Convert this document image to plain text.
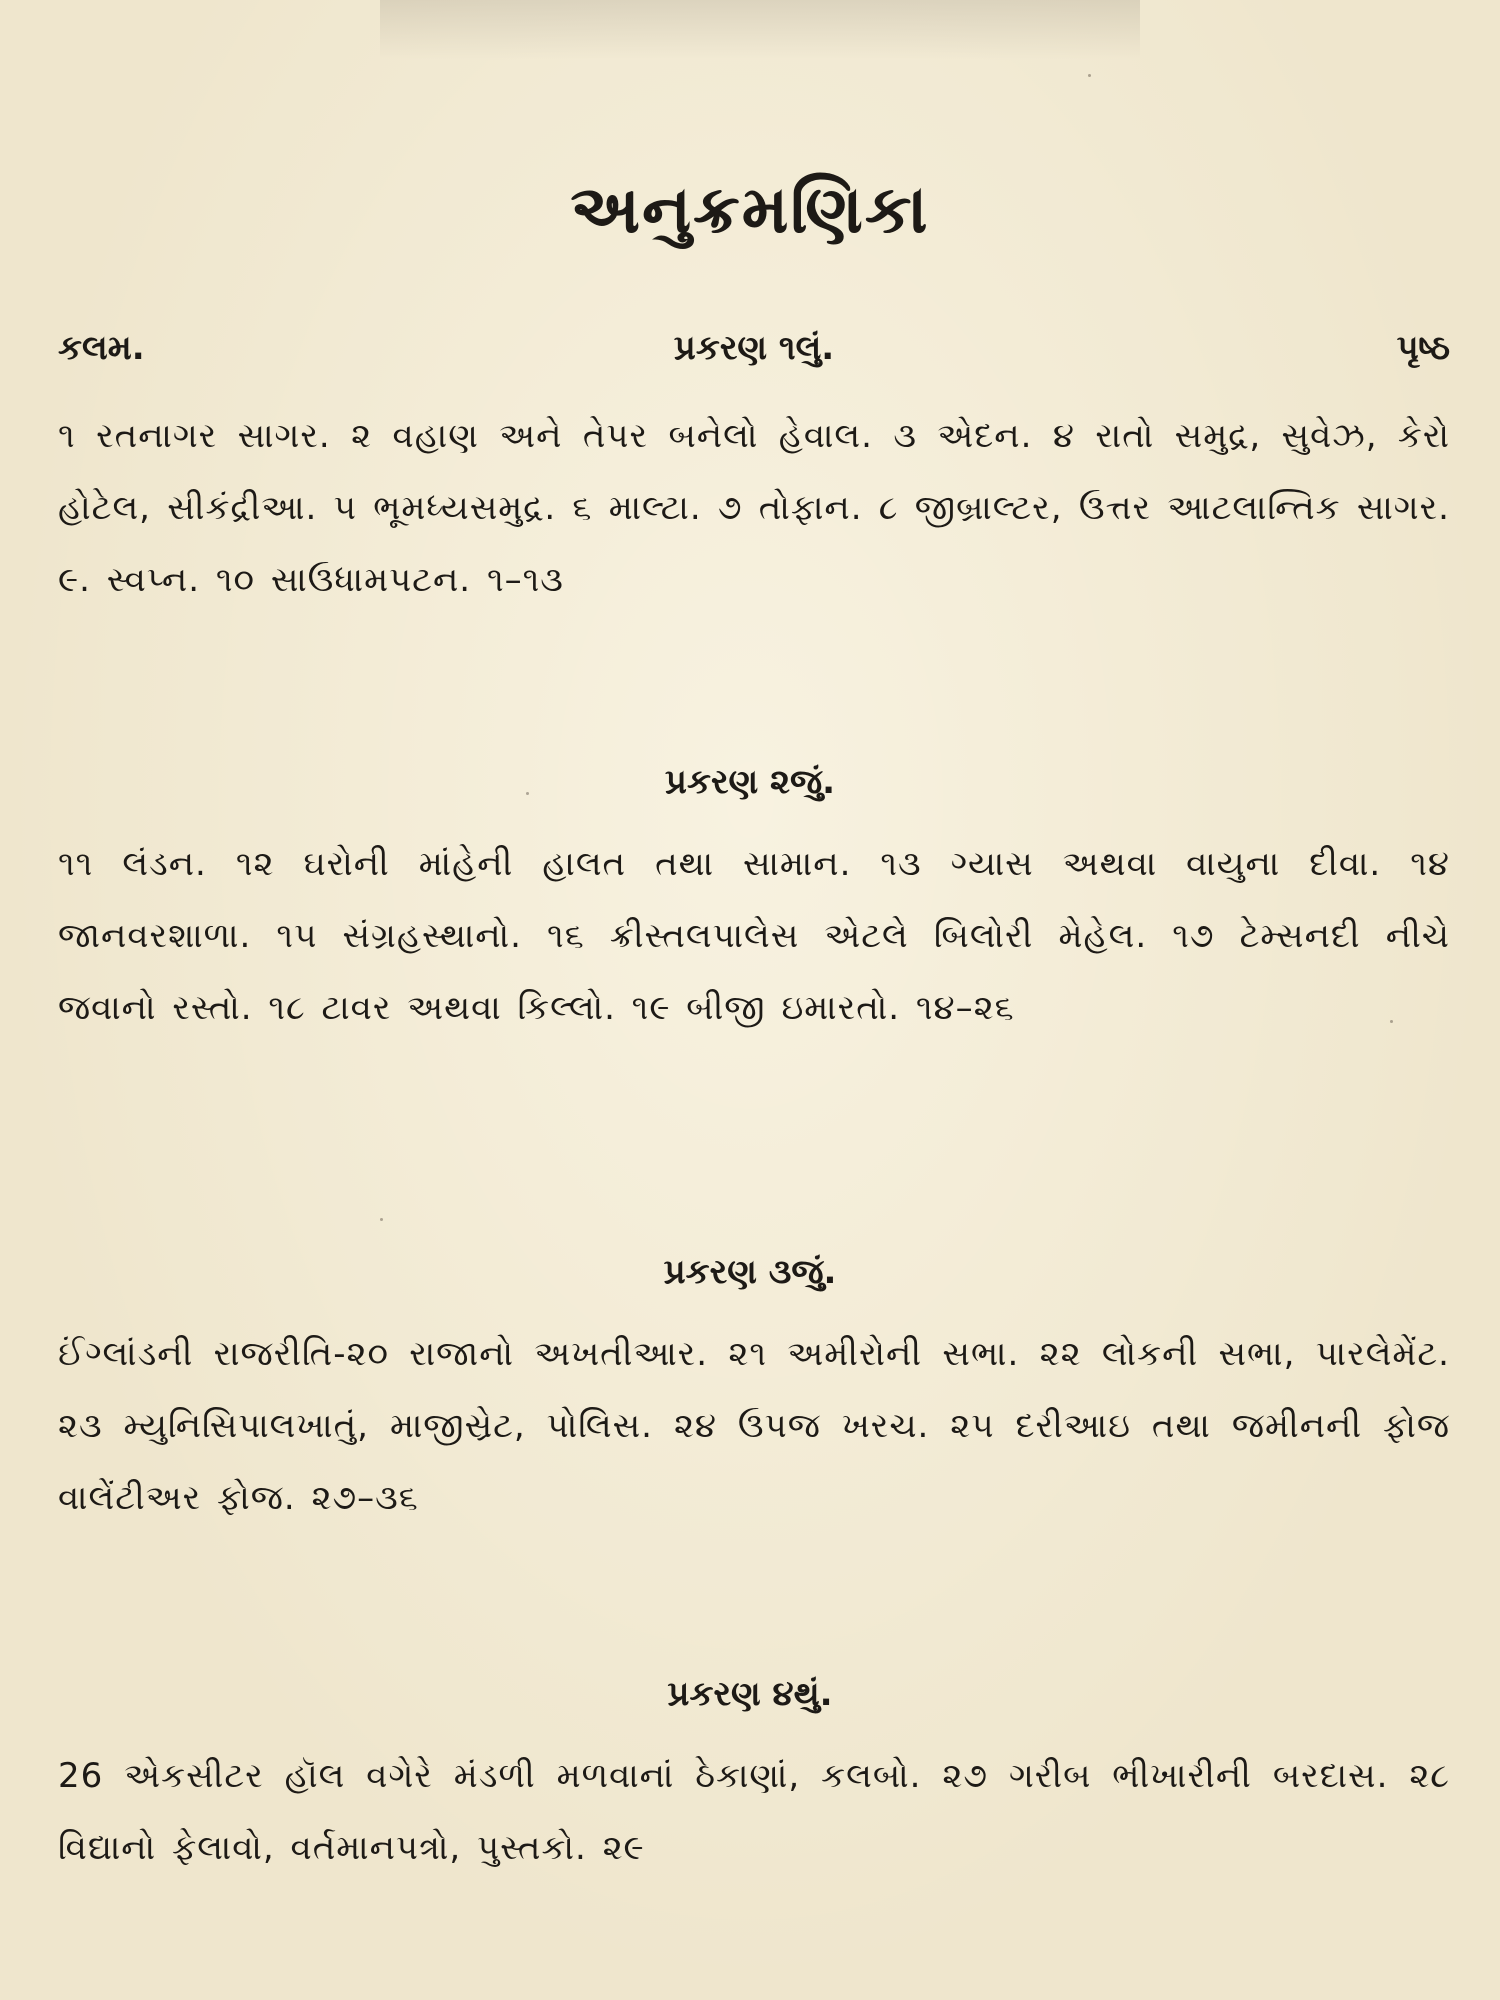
અનુક્રમણિકા
પ્રકરણ ૧લું.
કલમ.	પૃષ્ઠ
૧ રતનાગર સાગર. ૨ વહાણ અને તેપર બનેલો હેવાલ. ૩ એદન. ૪ રાતો સમુદ્ર, સુવેઝ, કેરો હોટેલ, સીકંદ્રીઆ. ૫ ભૂમધ્યસમુદ્ર. ૬ માલ્ટા. ૭ તોફાન. ૮ જીબ્રાલ્ટર, ઉત્તર આટલાન્તિક સાગર. ૯. સ્વપ્ન. ૧૦ સાઉધામપટન. ૧–૧૩
પ્રકરણ ૨જું.
૧૧ લંડન. ૧૨ ઘરોની માંહેની હાલત તથા સામાન. ૧૩ ગ્યાસ અથવા વાયુના દીવા. ૧૪ જાનવરશાળા. ૧૫ સંગ્રહસ્થાનો. ૧૬ ક્રીસ્તલપાલેસ એટલે બિલોરી મેહેલ. ૧૭ ટેમ્સનદી નીચે જવાનો રસ્તો. ૧૮ ટાવર અથવા કિલ્લો. ૧૯ બીજી ઇમારતો. ૧૪–૨૬
પ્રકરણ ૩જું.
ઈંગ્લાંડની રાજરીતિ-૨૦ રાજાનો અખતીઆર. ૨૧ અમીરોની સભા. ૨૨ લોકની સભા, પારલેમેંટ. ૨૩ મ્યુનિસિપાલખાતું, માજીસ્રેટ, પોલિસ. ૨૪ ઉપજ ખરચ. ૨૫ દરીઆઇ તથા જમીનની ફોજ વાલેંટીઅર ફોજ. ૨૭–૩૬
પ્રકરણ ૪થું.
26 એકસીટર હૉલ વગેરે મંડળી મળવાનાં ઠેકાણાં, કલબો. ૨૭ ગરીબ ભીખારીની બરદાસ. ૨૮ વિદ્યાનો ફેલાવો, વર્તમાનપત્રો, પુસ્તકો. ૨૯
